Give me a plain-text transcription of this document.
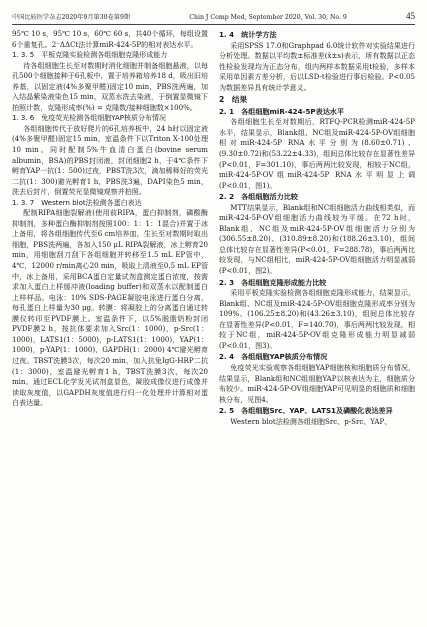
中国比较医学杂志2020年9月第30卷第9期	Chin J Comp Med, September 2020, Vol. 30, No. 9	45

95℃ 10 s，95℃ 10 s，60℃ 60 s，共40个循环，每组设置6个重复孔。2⁻ΔΔCt法计算miR-424-5P的相对表达水平。

1. 3. 5　平板克隆实验检测各组细胞克隆形成能力

待各组细胞生长至对数期时消化细胞并制备细胞悬液，以每孔500个细胞接种于6孔板中，置于培养箱培养18 d，吸出旧培养基，以固定液(4%多聚甲醛)固定10 min，PBS洗两遍，加入结晶紫染液染色15 min，双蒸水洗去染液，于倒置显微镜下拍照计数，克隆形成率(%) = 克隆数/接种细胞数×100%。

1. 3. 6　免疫荧光检测各组细胞YAP核质分布情况

各组细胞传代于放好爬片的6孔培养板中，24 h时以固定液(4%多聚甲醛)固定15 min，室温条件下以Triton X-100处理10 min。同时配制5%牛血清白蛋白(bovine serum albumin，BSA)的PBS封闭液，封闭细胞2 h，于4℃条件下孵育YAP一抗(1：500)过夜，PBST洗3次，滴加稀释好的荧光二抗(1：300)避光孵育1 h，PBS洗3遍，DAPI染色5 min，洗去后封片，倒置荧光显微镜观察并拍照。

1. 3. 7　Western blot法检测各蛋白表达

配制RIPA细胞裂解液(使用前RIPA，蛋白抑制剂，磷酸酶抑制剂，多种蛋白酶抑制剂按照100：1：1：1混合)并置于冰上备用，将各组细胞传代至6 cm培养皿，生长至对数期时取出细胞，PBS洗两遍，各加入150 μL RIPA裂解液，冰上孵育20 min，用细胞刮刀刮下各组细胞并转移至1.5 mL EP管中，4℃，12000 r/min离心20 min，吸取上清液至0.5 mL EP管中，冰上备用，采用BCA蛋白定量试剂盒测定蛋白浓度，按需求加入蛋白上样缓冲液(loading buffer)和双蒸水以配制蛋白上样样品。电泳：10% SDS-PAGE凝胶电泳进行蛋白分离，每孔蛋白上样量为30 μg。转膜：将凝胶上的分离蛋白通过转膜仪转印至PVDF膜上。室温条件下，以5%脱脂奶粉封闭PVDF膜2 h，按抗体要求加入Src(1：1000)，p-Src(1：1000)，LATS1(1：5000)，p-LATS1(1：1000)，YAP(1：1000)，p-YAP(1：1000)，GAPDH(1：2000) 4℃避光孵育过夜。TBST洗膜3次，每次20 min，加入抗兔IgG-HRP二抗(1：3000)，室温避光孵育1 h，TBST洗膜3次，每次20 min。通过ECL化学发光试剂盒显色，凝胶成像仪进行成像并读取灰度值，以GAPDH灰度值进行归一化处理并计算相对蛋白表达量。

1. 4　统计学方法

采用SPSS 17.0和Graphpad 6.0统计软件对实验结果进行分析处理。数据以平均数±标准差(x̄±s)表示，所有数据以正态性检验发现均为正态分布，组内两样本数据采用t检验，多样本采用单因素方差分析，后以LSD-t检验进行事后检验。P<0.05为数据差异具有统计学意义。

2　结果
2. 1　各组细胞miR-424-5P表达水平

各组细胞生长至对数期后，RTFQ-PCR检测miR-424-5P水平，结果显示，Blank组、NC组及miR-424-5P-OV组细胞相对miR-424-5P RNA水平分别为(8.60±0.71)、(9.30±0.72)和(53.22±4.33)，组间总体比较存在显著性差异(P<0.01，F=301.10)，事后两两比较发现，相较于NC组，miR-424-5P-OV组miR-424-5P RNA水平明显上调(P<0.01，图1)。

2. 2　各组细胞活力比较

MTT结果显示，Blank组和NC组细胞活力曲线相类似，而miR-424-5P-OV组细胞活力曲线较为平缓。在72 h时，Blank组、NC组及miR-424-5P-OV组细胞活力分别为(306.55±8.20)、(310.89±8.20)和(188.26±3.10)，组间总体比较存在显著性差异(P<0.01，F=288.78)，事后两两比较发现，与NC组相比，miR-424-5P-OV组细胞活力明显减弱(P<0.01，图2)。

2. 3　各组细胞克隆形成能力比较

采用平板克隆实验检测各组细胞克隆形成能力，结果显示，Blank组、NC组及miR-424-5P-OV组细胞克隆形成率分别为109%、(106.25±8.20)和(43.26±3.10)，组间总体比较存在显著性差异(P<0.01，F=140.70)，事后两两比较发现，相较于NC组，miR-424-5P-OV组克隆形成能力明显减弱(P<0.01，图3)。

2. 4　各组细胞YAP核质分布情况

免疫荧光实验观察各组细胞YAP细胞核和细胞质分布情况，结果显示，Blank组和NC组细胞YAP以核表达为主，细胞质分布较少。miR-424-5P-OV组细胞YAP可见明显的细胞质和细胞核分布，见图4。

2. 5　各组细胞Src、YAP、LATS1及磷酸化表达差异

Western blot法检测各组细胞Src、p-Src、YAP、
